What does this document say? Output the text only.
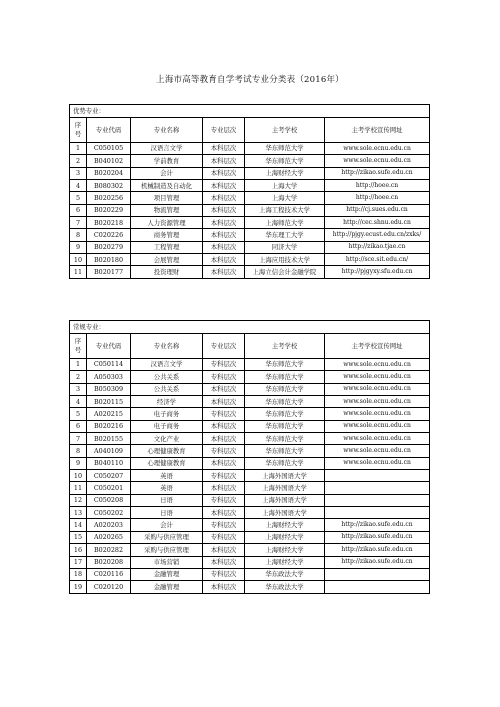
上海市高等教育自学考试专业分类表（2016年）
优势专业：					
序号	专业代码	专业名称	专业层次	主考学校	主考学校宣传网址
1	C050105	汉语言文学	本科层次	华东师范大学	www.sole.ecnu.edu.cn
2	B040102	学前教育	本科层次	华东师范大学	www.sole.ecnu.edu.cn
3	B020204	会计	本科层次	上海财经大学	http://zikao.sufe.edu.cn
4	B080302	机械制造及自动化	本科层次	上海大学	http://hoee.cn
5	B020256	项目管理	本科层次	上海大学	http://hoee.cn
6	B020229	物流管理	本科层次	上海工程技术大学	http://cj.sues.edu.cn
7	B020218	人力资源管理	本科层次	上海师范大学	http://cec.shnu.edu.cn
8	C020226	商务管理	本科层次	华东理工大学	http://pjgy.ecust.edu.cn/zxks/
9	B020279	工程管理	本科层次	同济大学	http://zikao.tjae.cn
10	B020180	会展管理	本科层次	上海应用技术大学	http://sce.sit.edu.cn/
11	B020177	投资理财	本科层次	上海立信会计金融学院	http://pjgyxy.sfu.edu.cn
常规专业：					
序号	专业代码	专业名称	专业层次	主考学校	主考学校宣传网址
1	C050114	汉语言文学	专科层次	华东师范大学	www.sole.ecnu.edu.cn
2	A050303	公共关系	专科层次	华东师范大学	www.sole.ecnu.edu.cn
3	B050309	公共关系	本科层次	华东师范大学	www.sole.ecnu.edu.cn
4	B020115	经济学	本科层次	华东师范大学	www.sole.ecnu.edu.cn
5	A020215	电子商务	专科层次	华东师范大学	www.sole.ecnu.edu.cn
6	B020216	电子商务	本科层次	华东师范大学	www.sole.ecnu.edu.cn
7	B020155	文化产业	本科层次	华东师范大学	www.sole.ecnu.edu.cn
8	A040109	心理健康教育	专科层次	华东师范大学	www.sole.ecnu.edu.cn
9	B040110	心理健康教育	本科层次	华东师范大学	www.sole.ecnu.edu.cn
10	C050207	英语	专科层次	上海外国语大学	
11	C050201	英语	本科层次	上海外国语大学	
12	C050208	日语	专科层次	上海外国语大学	
13	C050202	日语	本科层次	上海外国语大学	
14	A020203	会计	专科层次	上海财经大学	http://zikao.sufe.edu.cn
15	A020265	采购与供应管理	专科层次	上海财经大学	http://zikao.sufe.edu.cn
16	B020282	采购与供应管理	本科层次	上海财经大学	http://zikao.sufe.edu.cn
17	B020208	市场营销	本科层次	上海财经大学	http://zikao.sufe.edu.cn
18	C020116	金融管理	专科层次	华东政法大学	
19	C020120	金融管理	本科层次	华东政法大学	
